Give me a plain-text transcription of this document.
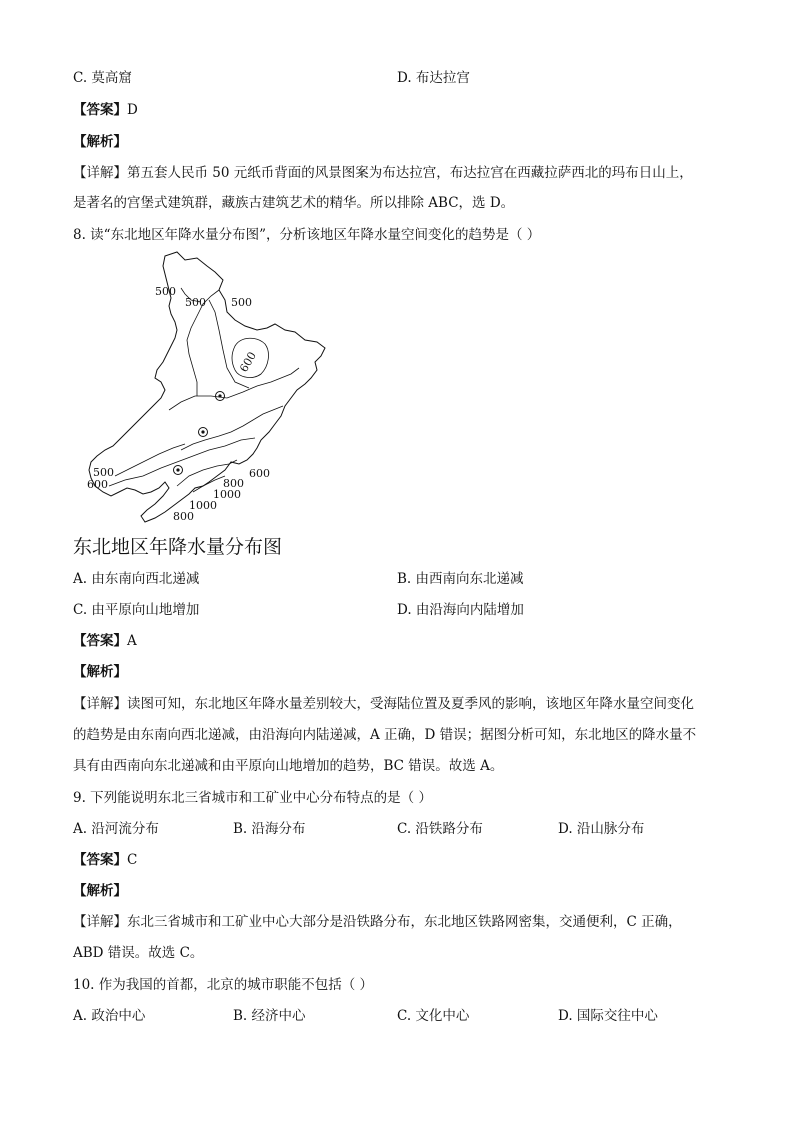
C. 莫高窟	D. 布达拉宫
【答案】D
【解析】
【详解】第五套人民币 50 元纸币背面的风景图案为布达拉宫，布达拉宫在西藏拉萨西北的玛布日山上，
是著名的宫堡式建筑群，藏族古建筑艺术的精华。所以排除 ABC，选 D。
8. 读“东北地区年降水量分布图”，分析该地区年降水量空间变化的趋势是（ ）
500
500 500
600
500
600
600
800
1000
1000
800
东北地区年降水量分布图
A. 由东南向西北递减	B. 由西南向东北递减
C. 由平原向山地增加	D. 由沿海向内陆增加
【答案】A
【解析】
【详解】读图可知，东北地区年降水量差别较大，受海陆位置及夏季风的影响，该地区年降水量空间变化
的趋势是由东南向西北递减，由沿海向内陆递减，A 正确，D 错误；据图分析可知，东北地区的降水量不
具有由西南向东北递减和由平原向山地增加的趋势，BC 错误。故选 A。
9. 下列能说明东北三省城市和工矿业中心分布特点的是（ ）
A. 沿河流分布	B. 沿海分布	C. 沿铁路分布	D. 沿山脉分布
【答案】C
【解析】
【详解】东北三省城市和工矿业中心大部分是沿铁路分布，东北地区铁路网密集，交通便利，C 正确，
ABD 错误。故选 C。
10. 作为我国的首都，北京的城市职能不包括（ ）
A. 政治中心	B. 经济中心	C. 文化中心	D. 国际交往中心
